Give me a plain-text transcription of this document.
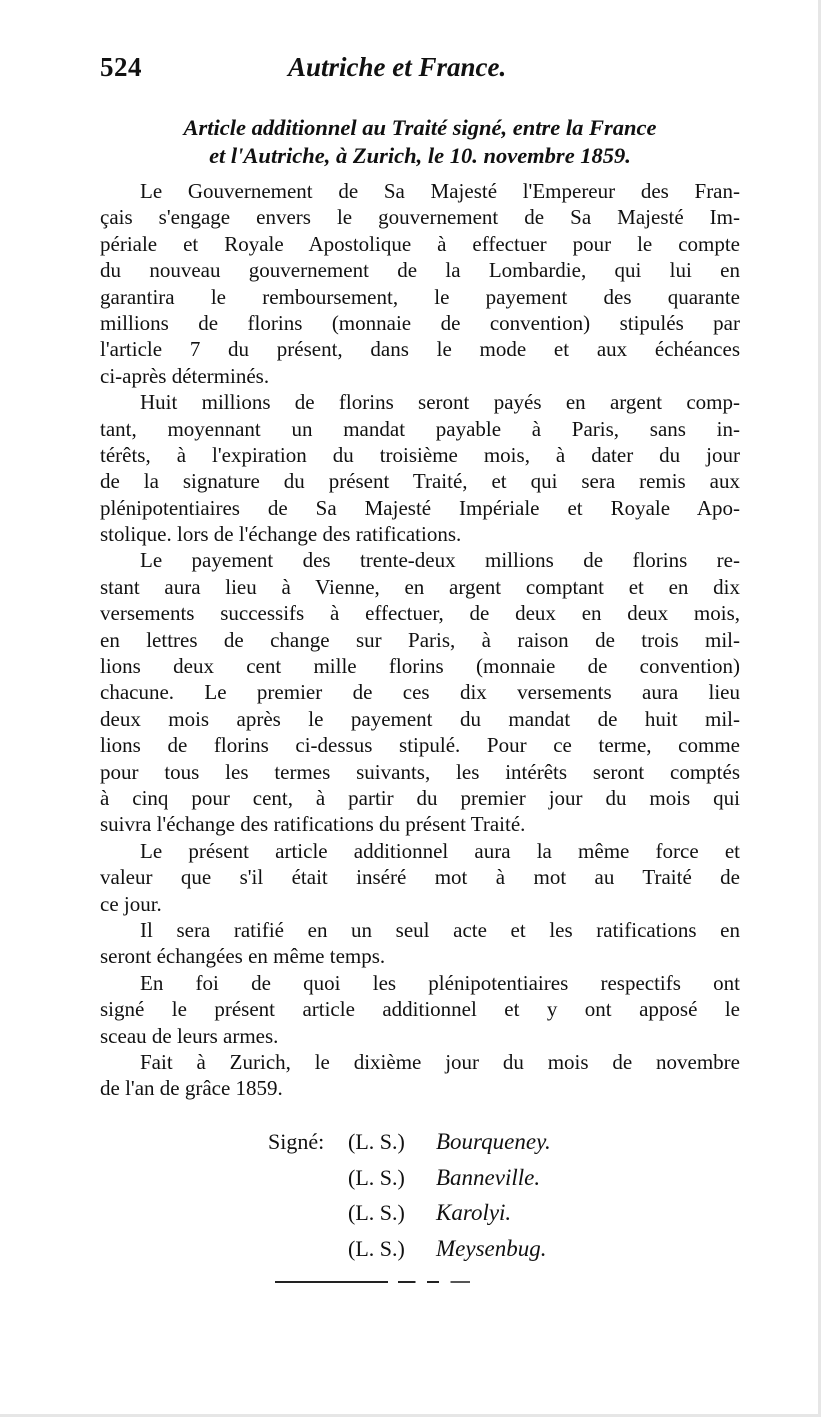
524	Autriche et France.
Article additionnel au Traité signé, entre la France
et l'Autriche, à Zurich, le 10. novembre 1859.
Le Gouvernement de Sa Majesté l'Empereur des Fran-
çais s'engage envers le gouvernement de Sa Majesté Im-
périale et Royale Apostolique à effectuer pour le compte
du nouveau gouvernement de la Lombardie, qui lui en
garantira le remboursement, le payement des quarante
millions de florins (monnaie de convention) stipulés par
l'article 7 du présent, dans le mode et aux échéances
ci-après déterminés.
Huit millions de florins seront payés en argent comp-
tant, moyennant un mandat payable à Paris, sans in-
térêts, à l'expiration du troisième mois, à dater du jour
de la signature du présent Traité, et qui sera remis aux
plénipotentiaires de Sa Majesté Impériale et Royale Apo-
stolique. lors de l'échange des ratifications.
Le payement des trente-deux millions de florins re-
stant aura lieu à Vienne, en argent comptant et en dix
versements successifs à effectuer, de deux en deux mois,
en lettres de change sur Paris, à raison de trois mil-
lions deux cent mille florins (monnaie de convention)
chacune. Le premier de ces dix versements aura lieu
deux mois après le payement du mandat de huit mil-
lions de florins ci-dessus stipulé. Pour ce terme, comme
pour tous les termes suivants, les intérêts seront comptés
à cinq pour cent, à partir du premier jour du mois qui
suivra l'échange des ratifications du présent Traité.
Le présent article additionnel aura la même force et
valeur que s'il était inséré mot à mot au Traité de
ce jour.
Il sera ratifié en un seul acte et les ratifications en
seront échangées en même temps.
En foi de quoi les plénipotentiaires respectifs ont
signé le présent article additionnel et y ont apposé le
sceau de leurs armes.
Fait à Zurich, le dixième jour du mois de novembre
de l'an de grâce 1859.
Signé: (L. S.) Bourqueney.
(L. S.) Banneville.
(L. S.) Karolyi.
(L. S.) Meysenbug.
